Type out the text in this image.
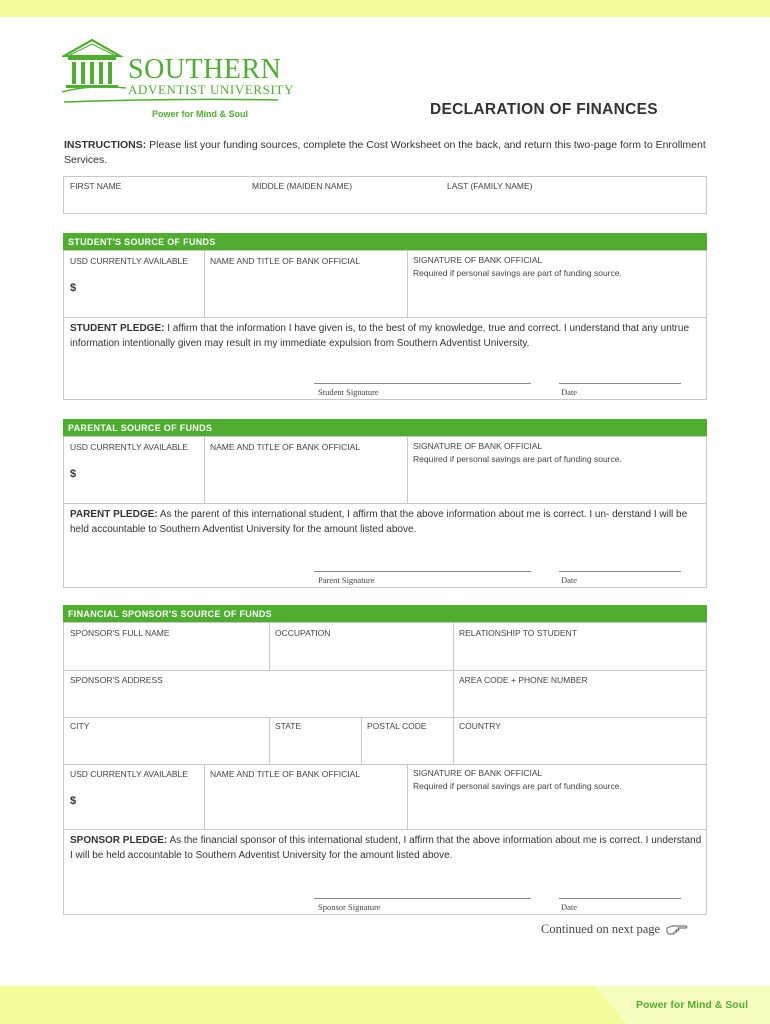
SOUTHERN
ADVENTIST UNIVERSITY
Power for Mind & Soul	DECLARATION OF FINANCES
INSTRUCTIONS: Please list your funding sources, complete the Cost Worksheet on the back, and return this two-page form to Enrollment Services.
FIRST NAME	MIDDLE (MAIDEN NAME)	LAST (FAMILY NAME)
STUDENT'S SOURCE OF FUNDS
USD CURRENTLY AVAILABLE
$
NAME AND TITLE OF BANK OFFICIAL	SIGNATURE OF BANK OFFICIAL
Required if personal savings are part of funding source.
STUDENT PLEDGE: I affirm that the information I have given is, to the best of my knowledge, true and correct. I understand that any untrue information intentionally given may result in my immediate expulsion from Southern Adventist University.
Student Signature	Date
PARENTAL SOURCE OF FUNDS
USD CURRENTLY AVAILABLE
$
NAME AND TITLE OF BANK OFFICIAL	SIGNATURE OF BANK OFFICIAL
Required if personal savings are part of funding source.
PARENT PLEDGE: As the parent of this international student, I affirm that the above information about me is correct. I un- derstand I will be held accountable to Southern Adventist University for the amount listed above.
Parent Signature	Date
FINANCIAL SPONSOR'S SOURCE OF FUNDS
SPONSOR'S FULL NAME	OCCUPATION	RELATIONSHIP TO STUDENT
SPONSOR'S ADDRESS	AREA CODE + PHONE NUMBER
CITY	STATE	POSTAL CODE	COUNTRY
USD CURRENTLY AVAILABLE
$
NAME AND TITLE OF BANK OFFICIAL	SIGNATURE OF BANK OFFICIAL
Required if personal savings are part of funding source.
SPONSOR PLEDGE: As the financial sponsor of this international student, I affirm that the above information about me is correct. I understand I will be held accountable to Southern Adventist University for the amount listed above.
Sponsor Signature	Date
Continued on next page
Power for Mind & Soul
